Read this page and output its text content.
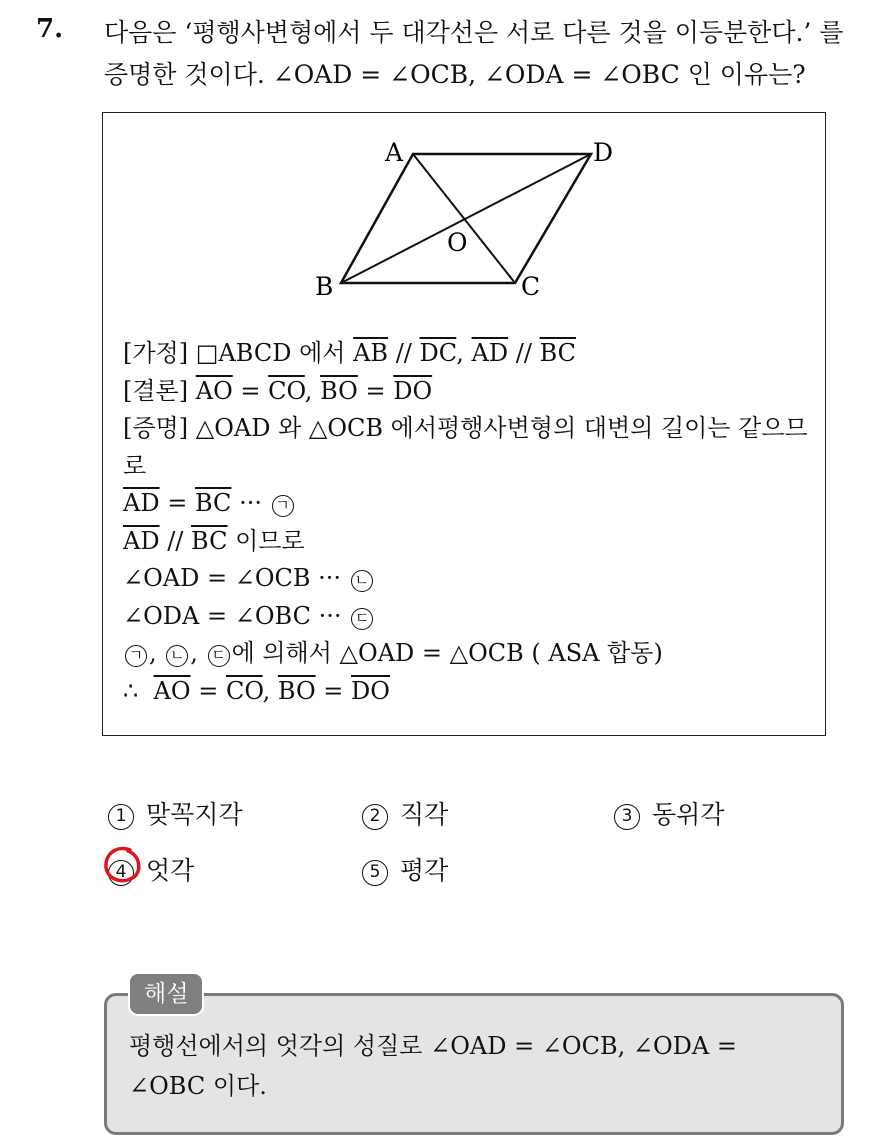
7. 다음은 ‘평행사변형에서 두 대각선은 서로 다른 것을 이등분한다.’ 를
증명한 것이다. ∠OAD = ∠OCB, ∠ODA = ∠OBC 인 이유는?
A	D
B	C
O
[가정] □ABCD 에서 $\overline{AB} // \overline{DC}$, $\overline{AD} // \overline{BC}$
[결론] $\overline{AO} = \overline{CO}$, $\overline{BO} = \overline{DO}$
[증명] △OAD 와 △OCB 에서평행사변형의 대변의 길이는 같으므로
$\overline{AD} = \overline{BC}$ ··· ㄱ
$\overline{AD} // \overline{BC}$ 이므로
∠OAD = ∠OCB ··· ㄴ
∠ODA = ∠OBC ··· ㄷ
ㄱ , ㄴ , ㄷ 에 의해서 △OAD = △OCB ( ASA 합동)
∴ $\overline{AO} = \overline{CO}$, $\overline{BO} = \overline{DO}$
1 맞꼭지각	2 직각	3 동위각
4 엇각	5 평각
해설
평행선에서의 엇각의 성질로 ∠OAD = ∠OCB, ∠ODA = ∠OBC 이다.
